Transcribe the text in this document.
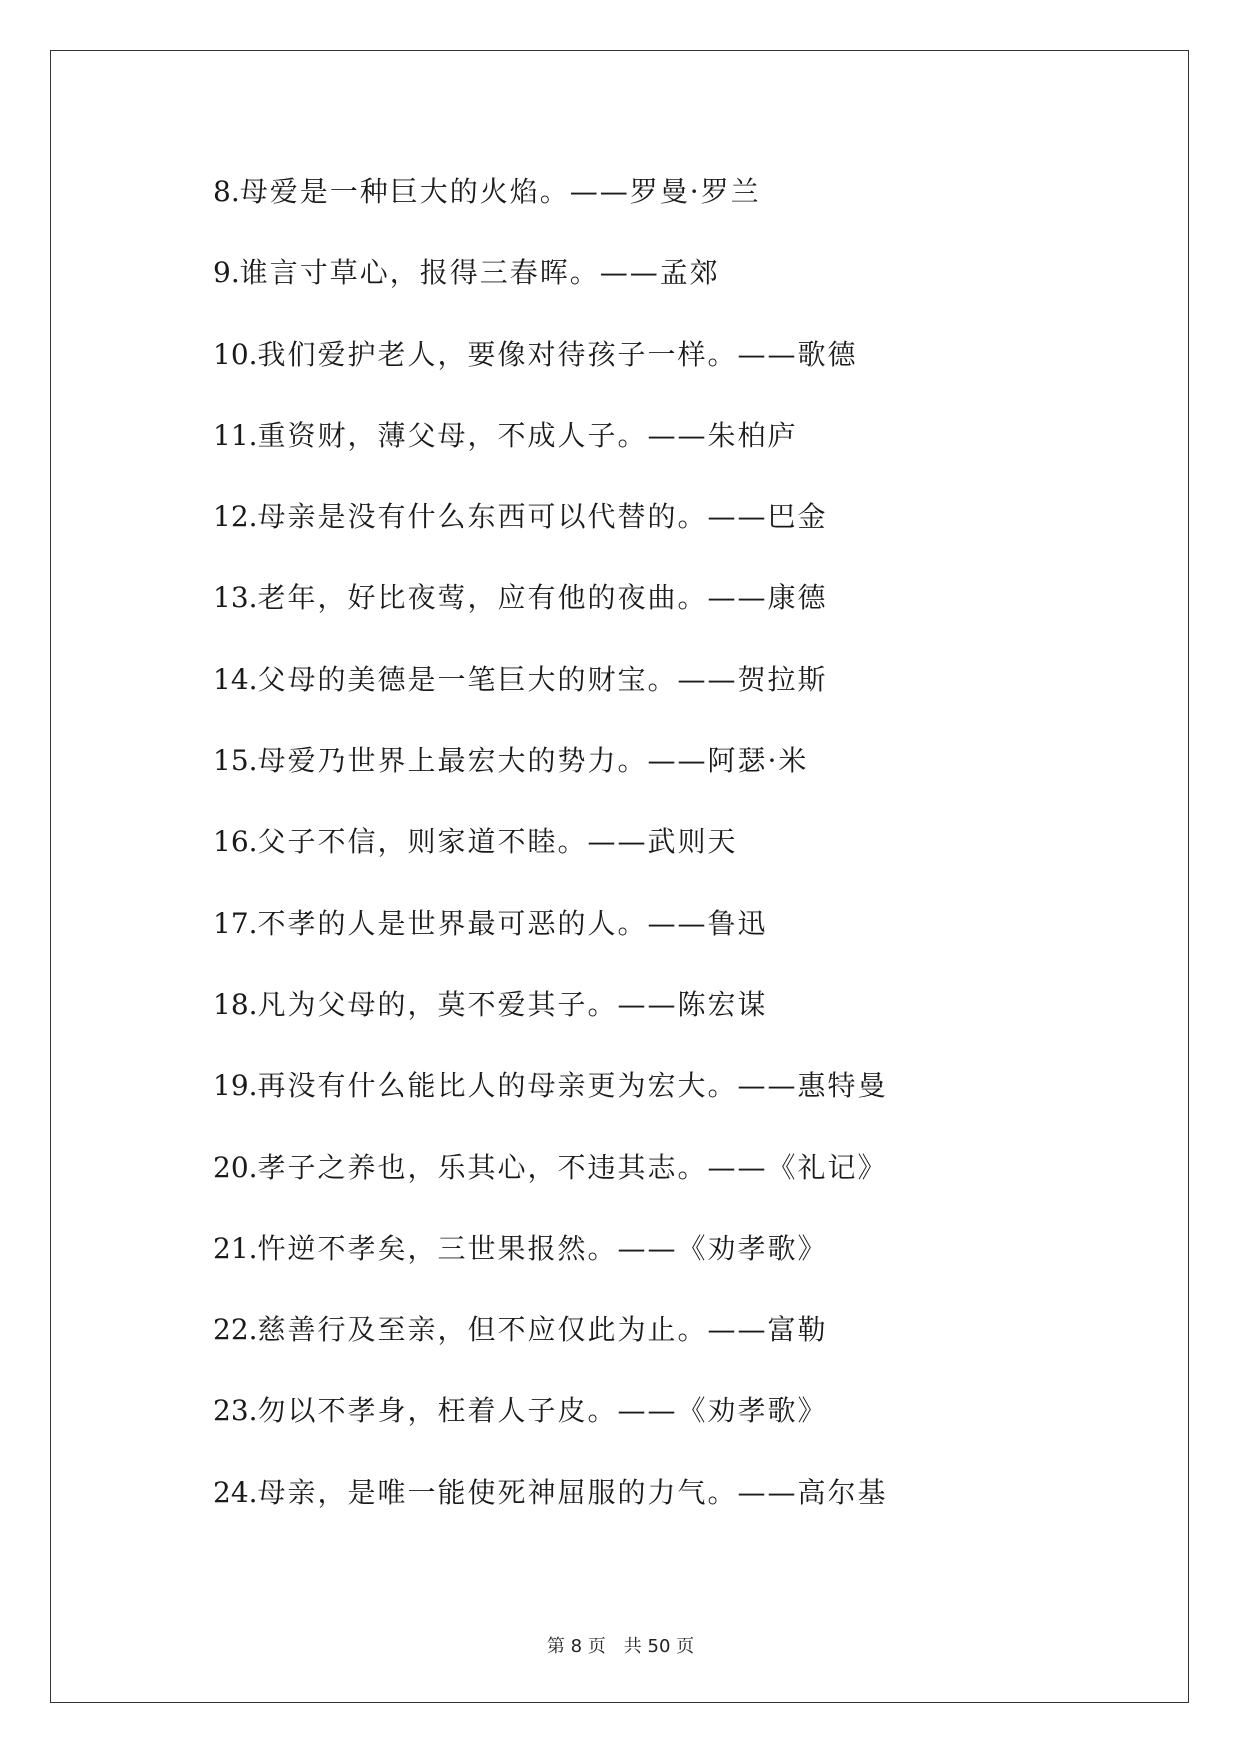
8.母爱是一种巨大的火焰。——罗曼·罗兰
9.谁言寸草心，报得三春晖。——孟郊
10.我们爱护老人，要像对待孩子一样。——歌德
11.重资财，薄父母，不成人子。——朱柏庐
12.母亲是没有什么东西可以代替的。——巴金
13.老年，好比夜莺，应有他的夜曲。——康德
14.父母的美德是一笔巨大的财宝。——贺拉斯
15.母爱乃世界上最宏大的势力。——阿瑟·米
16.父子不信，则家道不睦。——武则天
17.不孝的人是世界最可恶的人。——鲁迅
18.凡为父母的，莫不爱其子。——陈宏谋
19.再没有什么能比人的母亲更为宏大。——惠特曼
20.孝子之养也，乐其心，不违其志。——《礼记》
21.忤逆不孝矣，三世果报然。——《劝孝歌》
22.慈善行及至亲，但不应仅此为止。——富勒
23.勿以不孝身，枉着人子皮。——《劝孝歌》
24.母亲，是唯一能使死神屈服的力气。——高尔基
第 8 页 共 50 页
